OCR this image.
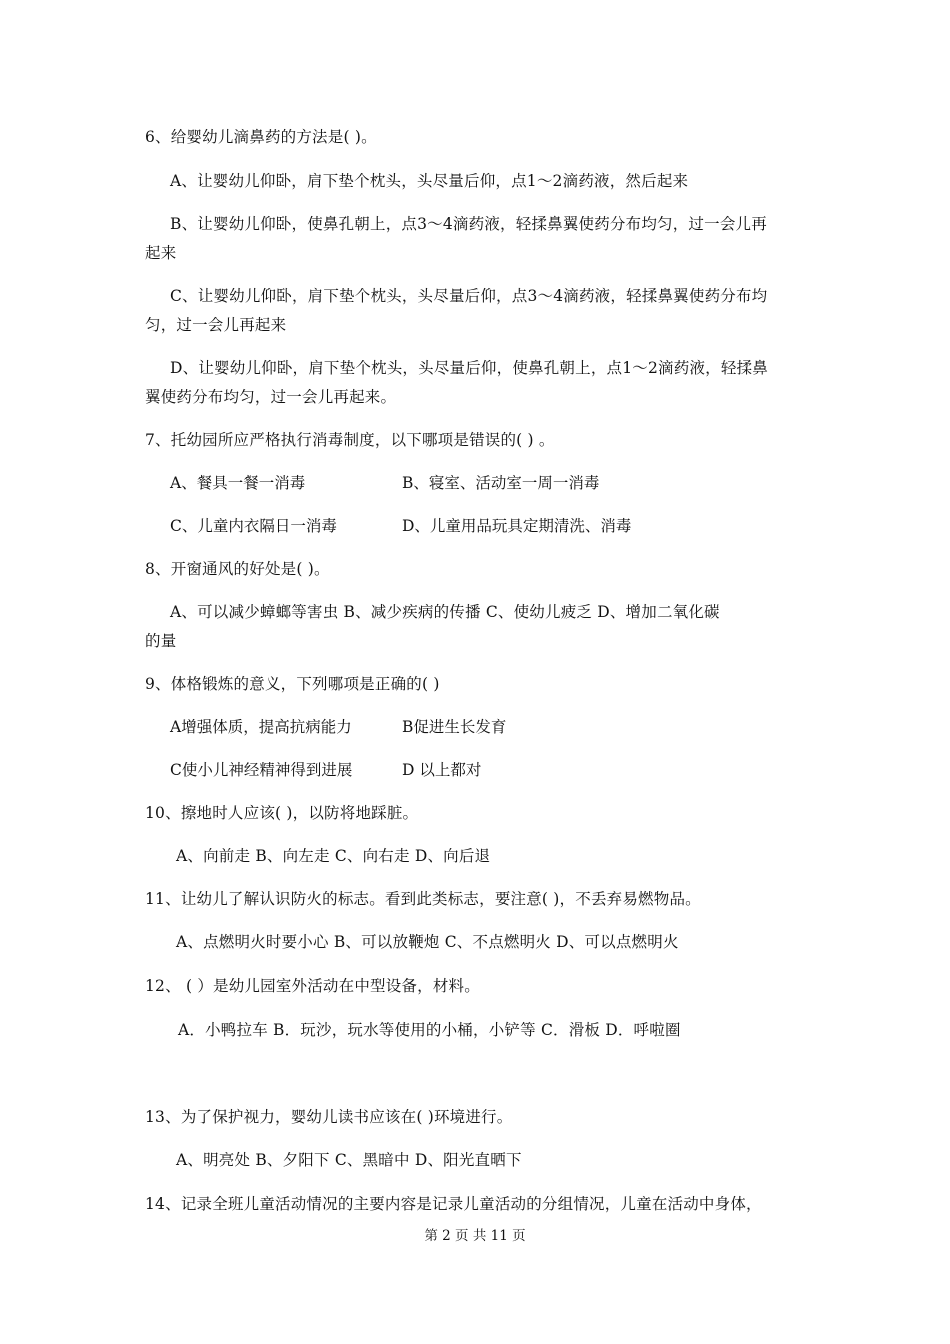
6、给婴幼儿滴鼻药的方法是( )。
A、让婴幼儿仰卧，肩下垫个枕头，头尽量后仰，点1～2滴药液，然后起来
B、让婴幼儿仰卧，使鼻孔朝上，点3～4滴药液，轻揉鼻翼使药分布均匀，过一会儿再
起来
C、让婴幼儿仰卧，肩下垫个枕头，头尽量后仰，点3～4滴药液，轻揉鼻翼使药分布均
匀，过一会儿再起来
D、让婴幼儿仰卧，肩下垫个枕头，头尽量后仰，使鼻孔朝上，点1～2滴药液，轻揉鼻
翼使药分布均匀，过一会儿再起来。
7、托幼园所应严格执行消毒制度，以下哪项是错误的( ) 。
A、餐具一餐一消毒	B、寝室、活动室一周一消毒
C、儿童内衣隔日一消毒	D、儿童用品玩具定期清洗、消毒
8、开窗通风的好处是( )。
A、可以减少蟑螂等害虫 B、减少疾病的传播 C、使幼儿疲乏 D、增加二氧化碳
的量
9、体格锻炼的意义，下列哪项是正确的( )
A增强体质，提高抗病能力	B促进生长发育
C使小儿神经精神得到进展	D 以上都对
10、擦地时人应该( )，以防将地踩脏。
A、向前走 B、向左走 C、向右走 D、向后退
11、让幼儿了解认识防火的标志。看到此类标志，要注意( )，不丢弃易燃物品。
A、点燃明火时要小心 B、可以放鞭炮 C、不点燃明火 D、可以点燃明火
12、 ( ）是幼儿园室外活动在中型设备，材料。
A．小鸭拉车 B．玩沙，玩水等使用的小桶，小铲等 C．滑板 D．呼啦圈
13、为了保护视力，婴幼儿读书应该在( )环境进行。
A、明亮处 B、夕阳下 C、黑暗中 D、阳光直晒下
14、记录全班儿童活动情况的主要内容是记录儿童活动的分组情况，儿童在活动中身体，
第 2 页 共 11 页
